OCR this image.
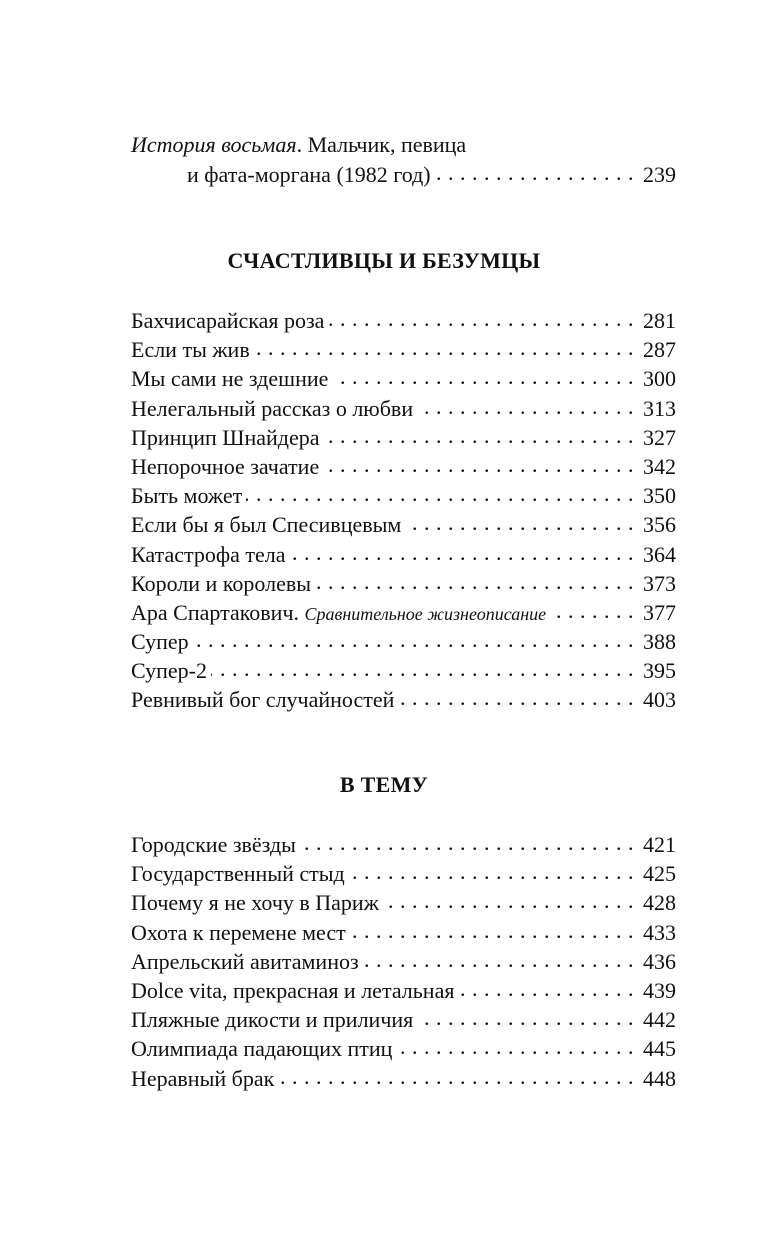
История восьмая. Мальчик, певица
и фата-моргана (1982 год) . . .	239
СЧАСТЛИВЦЫ И БЕЗУМЦЫ
Бахчисарайская роза . . .	281
Если ты жив . . .	287
Мы сами не здешние . . .	300
Нелегальный рассказ о любви . . .	313
Принцип Шнайдера . . .	327
Непорочное зачатие . . .	342
Быть может . . .	350
Если бы я был Спесивцевым . . .	356
Катастрофа тела . . .	364
Короли и королевы . . .	373
Ара Спартакович. Сравнительное жизнеописание . . .	377
Супер . . .	388
Супер-2 . . .	395
Ревнивый бог случайностей . . .	403
В ТЕМУ
Городские звёзды . . .	421
Государственный стыд . . .	425
Почему я не хочу в Париж . . .	428
Охота к перемене мест . . .	433
Апрельский авитаминоз . . .	436
Dolce vita, прекрасная и летальная . . .	439
Пляжные дикости и приличия . . .	442
Олимпиада падающих птиц . . .	445
Неравный брак . . .	448
